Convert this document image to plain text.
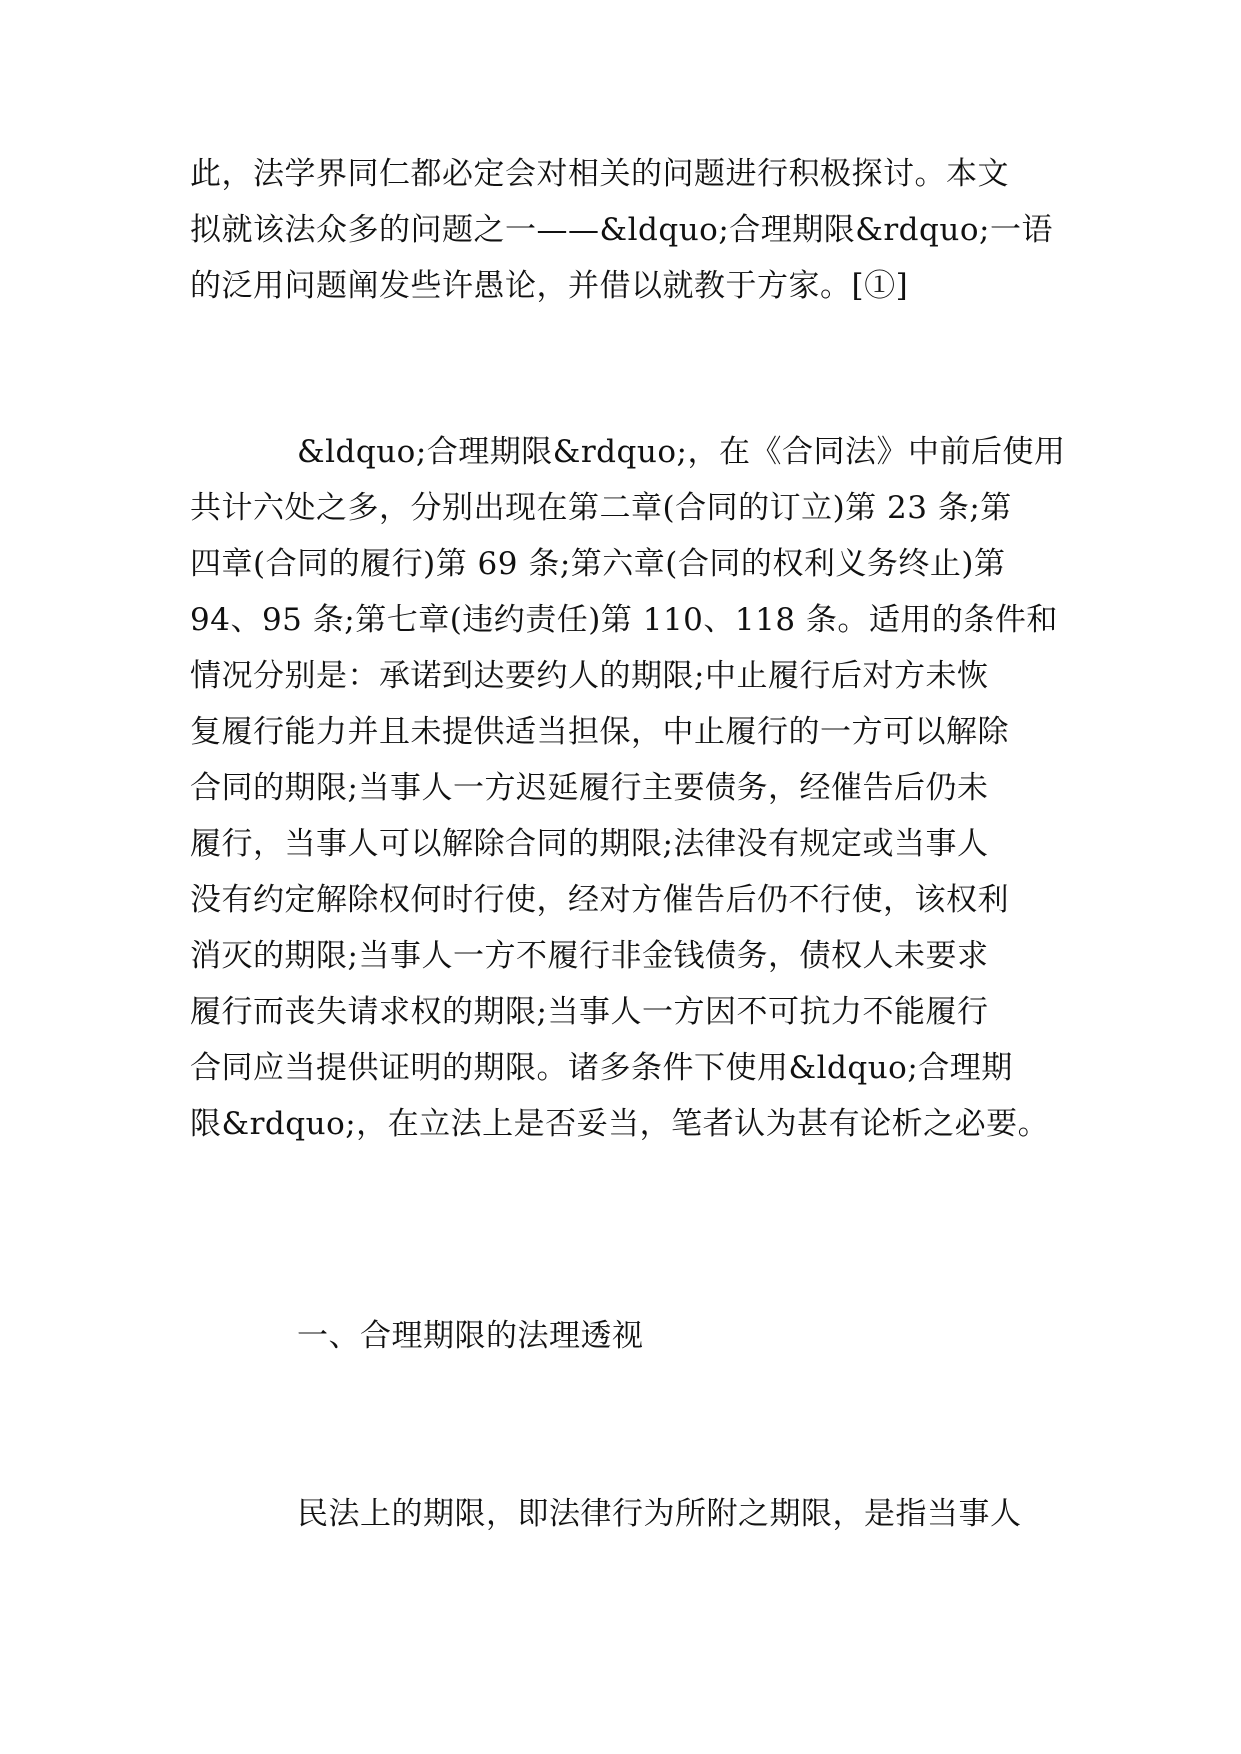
此，法学界同仁都必定会对相关的问题进行积极探讨。本文
拟就该法众多的问题之一——&ldquo;合理期限&rdquo;一语
的泛用问题阐发些许愚论，并借以就教于方家。[①]
&ldquo;合理期限&rdquo;，在《合同法》中前后使用
共计六处之多，分别出现在第二章(合同的订立)第 23 条;第
四章(合同的履行)第 69 条;第六章(合同的权利义务终止)第
94、95 条;第七章(违约责任)第 110、118 条。适用的条件和
情况分别是：承诺到达要约人的期限;中止履行后对方未恢
复履行能力并且未提供适当担保，中止履行的一方可以解除
合同的期限;当事人一方迟延履行主要债务，经催告后仍未
履行，当事人可以解除合同的期限;法律没有规定或当事人
没有约定解除权何时行使，经对方催告后仍不行使，该权利
消灭的期限;当事人一方不履行非金钱债务，债权人未要求
履行而丧失请求权的期限;当事人一方因不可抗力不能履行
合同应当提供证明的期限。诸多条件下使用&ldquo;合理期
限&rdquo;，在立法上是否妥当，笔者认为甚有论析之必要。
一、合理期限的法理透视
民法上的期限，即法律行为所附之期限，是指当事人
